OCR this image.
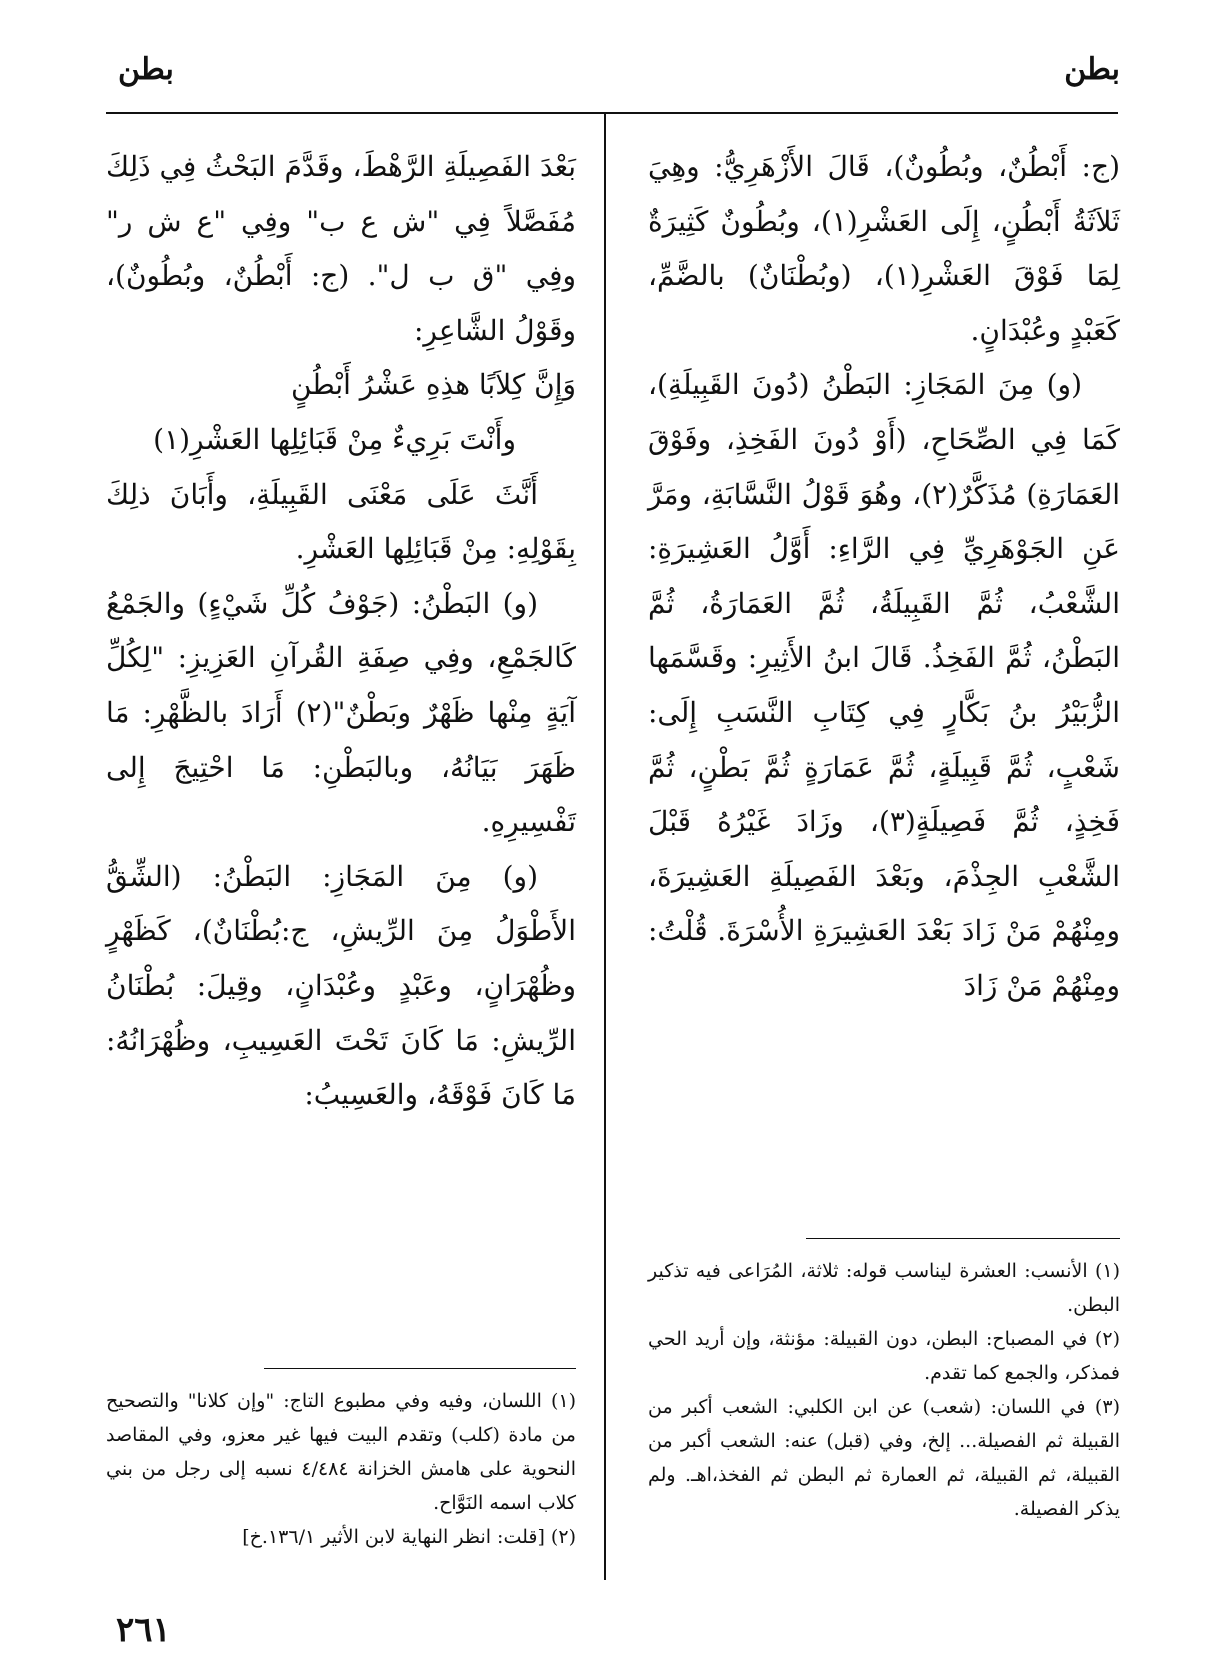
بطن
بطن

(ج: أَبْطُنٌ، وبُطُونٌ)، قَالَ الأَزْهَرِيُّ: وهِيَ ثَلاَثَةُ أَبْطُنٍ، إِلَى العَشْرِ(١)، وبُطُونٌ كَثِيرَةٌ لِمَا فَوْقَ العَشْرِ(١)، (وبُطْنَانٌ) بالضَّمِّ، كَعَبْدٍ وعُبْدَانٍ.

(و) مِنَ المَجَازِ: البَطْنُ (دُونَ القَبِيلَةِ)، كَمَا فِي الصِّحَاحِ، (أَوْ دُونَ الفَخِذِ، وفَوْقَ العَمَارَةِ) مُذَكَّرٌ(٢)، وهُوَ قَوْلُ النَّسَّابَةِ، ومَرَّ عَنِ الجَوْهَرِيِّ فِي الرَّاءِ: أَوَّلُ العَشِيرَةِ: الشَّعْبُ، ثُمَّ القَبِيلَةُ، ثُمَّ العَمَارَةُ، ثُمَّ البَطْنُ، ثُمَّ الفَخِذُ. قَالَ ابنُ الأَثِيرِ: وقَسَّمَها الزُّبَيْرُ بنُ بَكَّارٍ فِي كِتَابِ النَّسَبِ إِلَى: شَعْبٍ، ثُمَّ قَبِيلَةٍ، ثُمَّ عَمَارَةٍ ثُمَّ بَطْنٍ، ثُمَّ فَخِذٍ، ثُمَّ فَصِيلَةٍ(٣)، وزَادَ غَيْرُهُ قَبْلَ الشَّعْبِ الجِذْمَ، وبَعْدَ الفَصِيلَةِ العَشِيرَةَ، ومِنْهُمْ مَنْ زَادَ بَعْدَ العَشِيرَةِ الأُسْرَةَ. قُلْتُ: ومِنْهُمْ مَنْ زَادَ

(١) الأنسب: العشرة ليناسب قوله: ثلاثة، المُرَاعى فيه تذكير البطن.

(٢) في المصباح: البطن، دون القبيلة: مؤنثة، وإن أريد الحي فمذكر، والجمع كما تقدم.

(٣) في اللسان: (شعب) عن ابن الكلبي: الشعب أكبر من القبيلة ثم الفصيلة... إلخ، وفي (قبل) عنه: الشعب أكبر من القبيلة، ثم القبيلة، ثم العمارة ثم البطن ثم الفخذ،اهـ. ولم يذكر الفصيلة.

بَعْدَ الفَصِيلَةِ الرَّهْطَ، وقَدَّمَ البَحْثُ فِي ذَلِكَ مُفَصَّلاً فِي "ش ع ب" وفِي "ع ش ر" وفِي "ق ب ل". (ج: أَبْطُنٌ، وبُطُونٌ)، وقَوْلُ الشَّاعِرِ:

وَإِنَّ كِلاَبًا هذِهِ عَشْرُ أَبْطُنٍ

وأَنْتَ بَرِيءٌ مِنْ قَبَائِلِها العَشْرِ(١)

أَنَّثَ عَلَى مَعْنَى القَبِيلَةِ، وأَبَانَ ذلِكَ بِقَوْلِهِ: مِنْ قَبَائِلِها العَشْرِ.

(و) البَطْنُ: (جَوْفُ كُلِّ شَيْءٍ) والجَمْعُ كَالجَمْعِ، وفِي صِفَةِ القُرآنِ العَزِيزِ: "لِكُلِّ آيَةٍ مِنْها ظَهْرٌ وبَطْنٌ"(٢) أَرَادَ بالظَّهْرِ: مَا ظَهَرَ بَيَانُهُ، وبالبَطْنِ: مَا احْتِيجَ إِلى تَفْسِيرِهِ.

(و) مِنَ المَجَازِ: البَطْنُ: (الشِّقُّ الأَطْوَلُ مِنَ الرِّيشِ، ج:بُطْنَانٌ)، كَظَهْرٍ وظُهْرَانٍ، وعَبْدٍ وعُبْدَانٍ، وقِيلَ: بُطْنَانُ الرِّيشِ: مَا كَانَ تَحْتَ العَسِيبِ، وظُهْرَانُهُ: مَا كَانَ فَوْقَهُ، والعَسِيبُ:

(١) اللسان، وفيه وفي مطبوع التاج: "وإن كلانا" والتصحيح من مادة (كلب) وتقدم البيت فيها غير معزو، وفي المقاصد النحوية على هامش الخزانة ٤/٤٨٤ نسبه إلى رجل من بني كلاب اسمه النَوَّاح.

(٢) [قلت: انظر النهاية لابن الأثير ١٣٦/١.خ]

٢٦١
